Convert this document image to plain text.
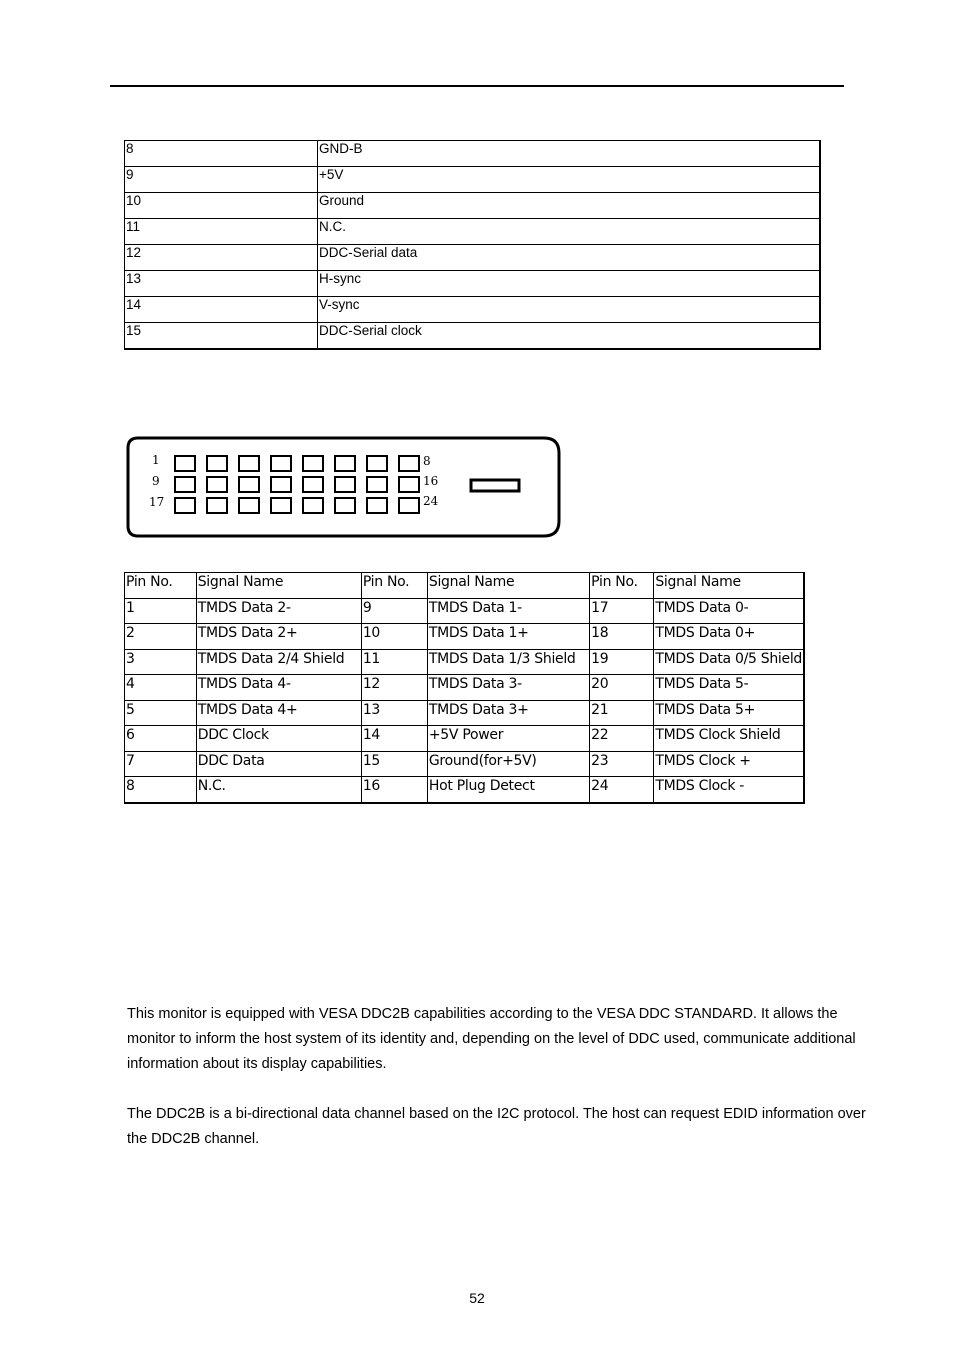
8	GND-B
9	+5V
10	Ground
11	N.C.
12	DDC-Serial data
13	H-sync
14	V-sync
15	DDC-Serial clock
1
9
17
8
16
24
Pin No.	Signal Name	Pin No.	Signal Name	Pin No.	Signal Name
1	TMDS Data 2-	9	TMDS Data 1-	17	TMDS Data 0-
2	TMDS Data 2+	10	TMDS Data 1+	18	TMDS Data 0+
3	TMDS Data 2/4 Shield	11	TMDS Data 1/3 Shield	19	TMDS Data 0/5 Shield
4	TMDS Data 4-	12	TMDS Data 3-	20	TMDS Data 5-
5	TMDS Data 4+	13	TMDS Data 3+	21	TMDS Data 5+
6	DDC Clock	14	+5V Power	22	TMDS Clock Shield
7	DDC Data	15	Ground(for+5V)	23	TMDS Clock +
8	N.C.	16	Hot Plug Detect	24	TMDS Clock -

This monitor is equipped with VESA DDC2B capabilities according to the VESA DDC STANDARD. It allows the monitor to inform the host system of its identity and, depending on the level of DDC used, communicate additional information about its display capabilities.

The DDC2B is a bi-directional data channel based on the I2C protocol. The host can request EDID information over the DDC2B channel.

52
